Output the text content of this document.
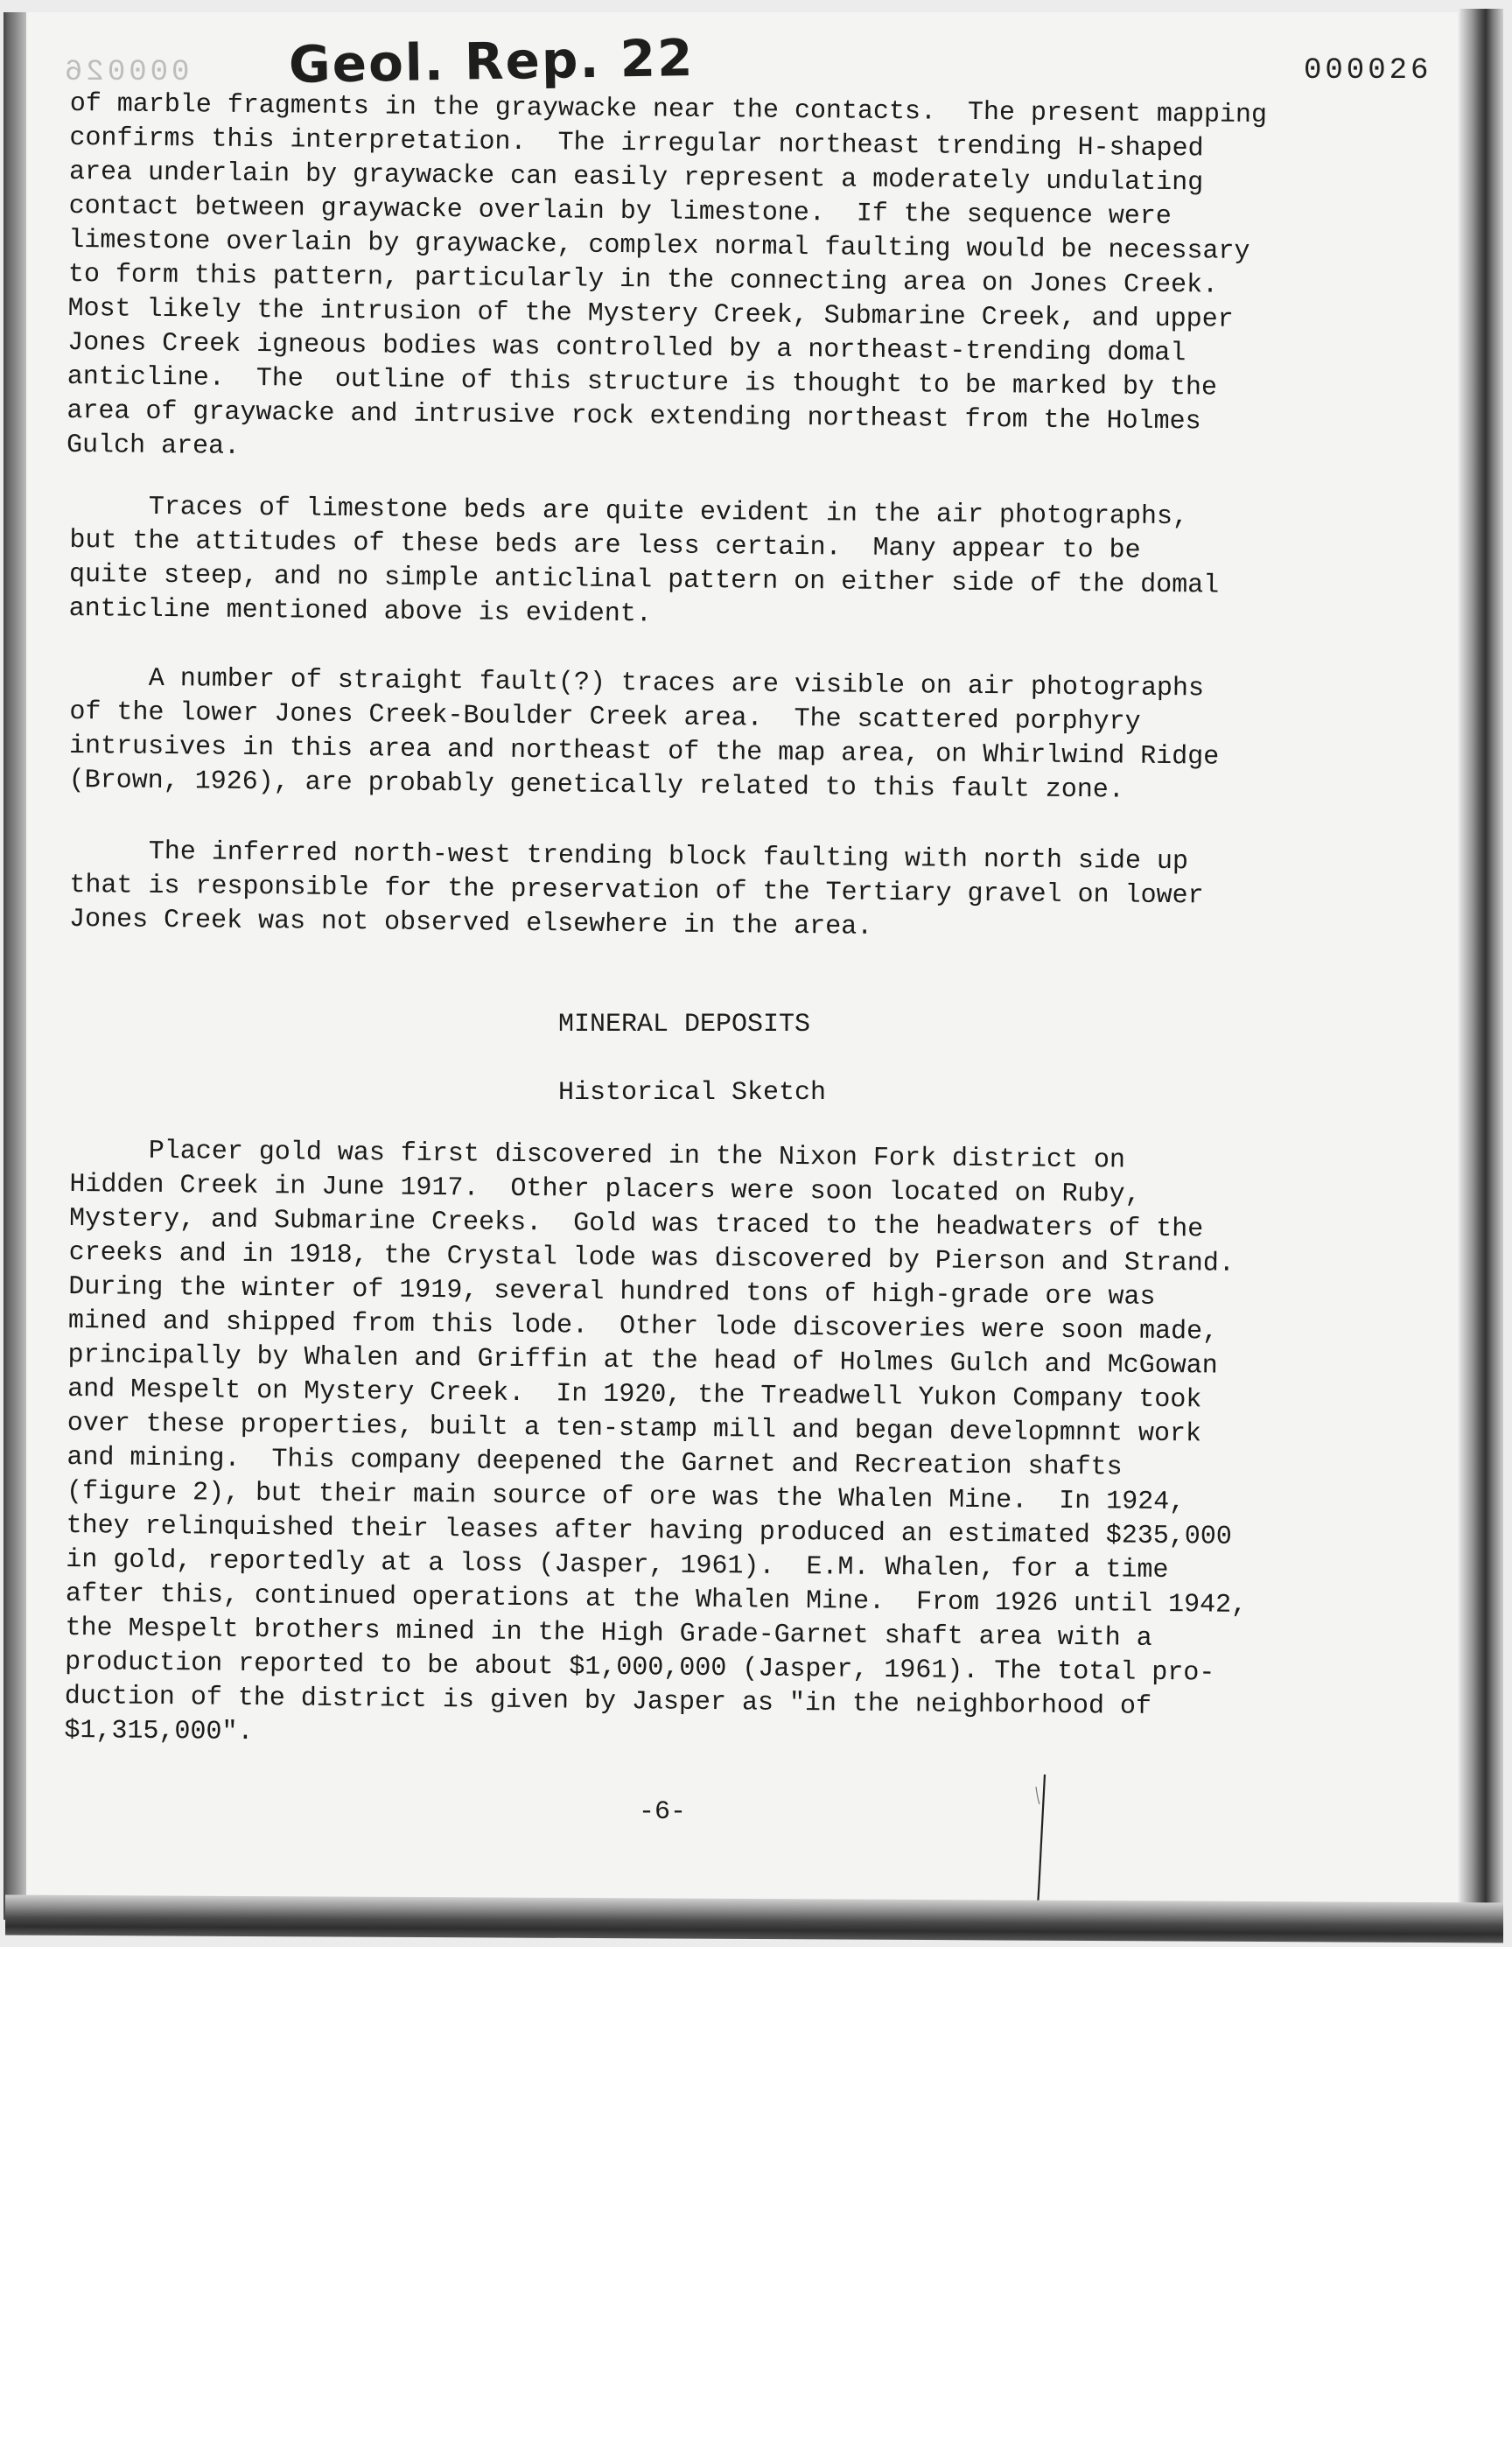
000026 Geol. Rep. 22	000026
of marble fragments in the graywacke near the contacts.  The present mapping
confirms this interpretation.  The irregular northeast trending H-shaped
area underlain by graywacke can easily represent a moderately undulating
contact between graywacke overlain by limestone.  If the sequence were
limestone overlain by graywacke, complex normal faulting would be necessary
to form this pattern, particularly in the connecting area on Jones Creek.
Most likely the intrusion of the Mystery Creek, Submarine Creek, and upper
Jones Creek igneous bodies was controlled by a northeast-trending domal
anticline.  The  outline of this structure is thought to be marked by the
area of graywacke and intrusive rock extending northeast from the Holmes
Gulch area.
Traces of limestone beds are quite evident in the air photographs,
but the attitudes of these beds are less certain.  Many appear to be
quite steep, and no simple anticlinal pattern on either side of the domal
anticline mentioned above is evident.
A number of straight fault(?) traces are visible on air photographs
of the lower Jones Creek-Boulder Creek area.  The scattered porphyry
intrusives in this area and northeast of the map area, on Whirlwind Ridge
(Brown, 1926), are probably genetically related to this fault zone.
The inferred north-west trending block faulting with north side up
that is responsible for the preservation of the Tertiary gravel on lower
Jones Creek was not observed elsewhere in the area.
MINERAL DEPOSITS
Historical Sketch
Placer gold was first discovered in the Nixon Fork district on
Hidden Creek in June 1917.  Other placers were soon located on Ruby,
Mystery, and Submarine Creeks.  Gold was traced to the headwaters of the
creeks and in 1918, the Crystal lode was discovered by Pierson and Strand.
During the winter of 1919, several hundred tons of high-grade ore was
mined and shipped from this lode.  Other lode discoveries were soon made,
principally by Whalen and Griffin at the head of Holmes Gulch and McGowan
and Mespelt on Mystery Creek.  In 1920, the Treadwell Yukon Company took
over these properties, built a ten-stamp mill and began developmnnt work
and mining.  This company deepened the Garnet and Recreation shafts
(figure 2), but their main source of ore was the Whalen Mine.  In 1924,
they relinquished their leases after having produced an estimated $235,000
in gold, reportedly at a loss (Jasper, 1961).  E.M. Whalen, for a time
after this, continued operations at the Whalen Mine.  From 1926 until 1942,
the Mespelt brothers mined in the High Grade-Garnet shaft area with a
production reported to be about $1,000,000 (Jasper, 1961). The total pro-
duction of the district is given by Jasper as "in the neighborhood of
$1,315,000".
-6-
